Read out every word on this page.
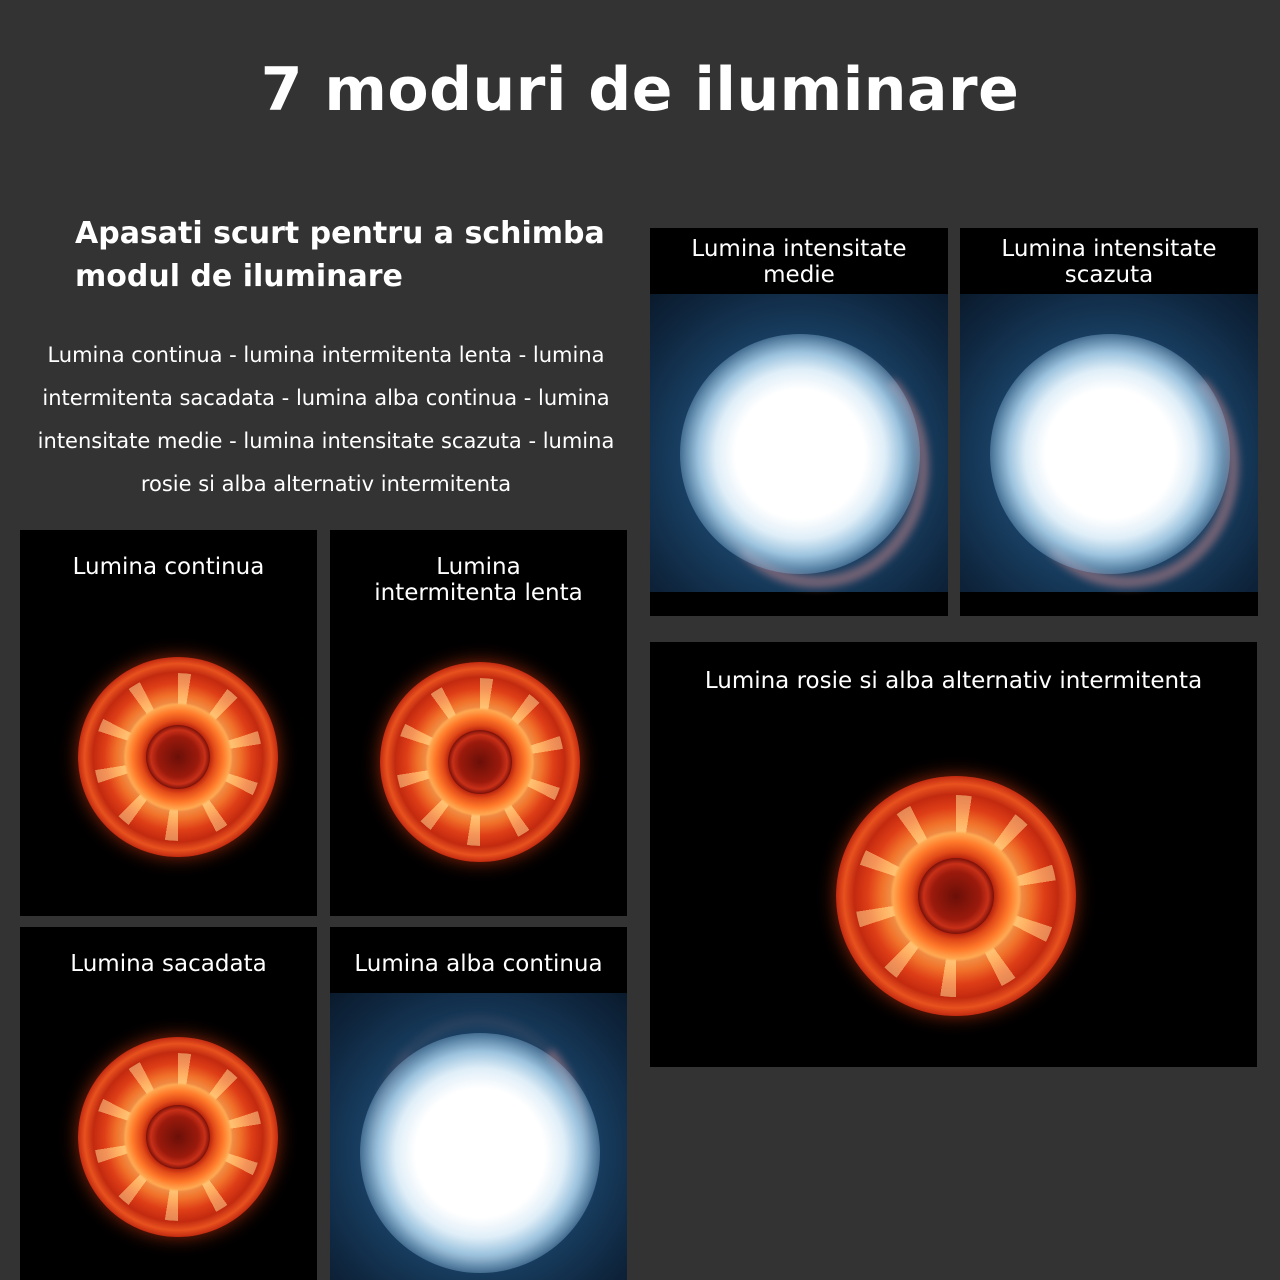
7 moduri de iluminare
Apasati scurt pentru a schimba modul de iluminare
Lumina continua - lumina intermitenta lenta - lumina intermitenta sacadata - lumina alba continua - lumina intensitate medie - lumina intensitate scazuta - lumina rosie si alba alternativ intermitenta
Lumina continua	Lumina intermitenta lenta
Lumina sacadata	Lumina alba continua
Lumina intensitate medie
Lumina intensitate scazuta
Lumina rosie si alba alternativ intermitenta
